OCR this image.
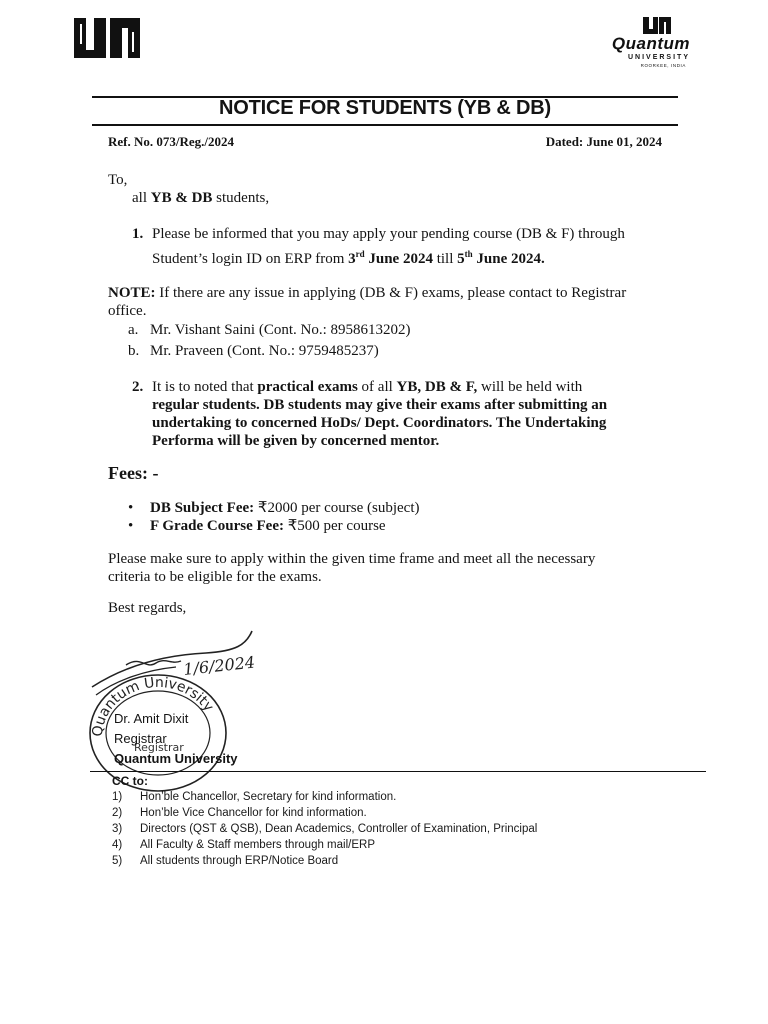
Quantum
UNIVERSITY
ROORKEE, INDIA
NOTICE FOR STUDENTS (YB & DB)
Ref. No. 073/Reg./2024	Dated: June 01, 2024
To,
all YB & DB students,
1. Please be informed that you may apply your pending course (DB & F) through
Student’s login ID on ERP from 3rd June 2024 till 5th June 2024.
NOTE: If there are any issue in applying (DB & F) exams, please contact to Registrar
office.
a. Mr. Vishant Saini (Cont. No.: 8958613202)
b. Mr. Praveen (Cont. No.: 9759485237)
2. It is to noted that practical exams of all YB, DB & F, will be held with
regular students. DB students may give their exams after submitting an
undertaking to concerned HoDs/ Dept. Coordinators. The Undertaking
Performa will be given by concerned mentor.
Fees: -
• DB Subject Fee: ₹2000 per course (subject)
• F Grade Course Fee: ₹500 per course
Please make sure to apply within the given time frame and meet all the necessary
criteria to be eligible for the exams.
Best regards,
1/6/2024
Quantum University
Registrar
Dr. Amit Dixit
Registrar
Quantum University
CC to:
1)	Hon’ble Chancellor, Secretary for kind information.
2)	Hon’ble Vice Chancellor for kind information.
3)	Directors (QST & QSB), Dean Academics, Controller of Examination, Principal
4)	All Faculty & Staff members through mail/ERP
5)	All students through ERP/Notice Board
